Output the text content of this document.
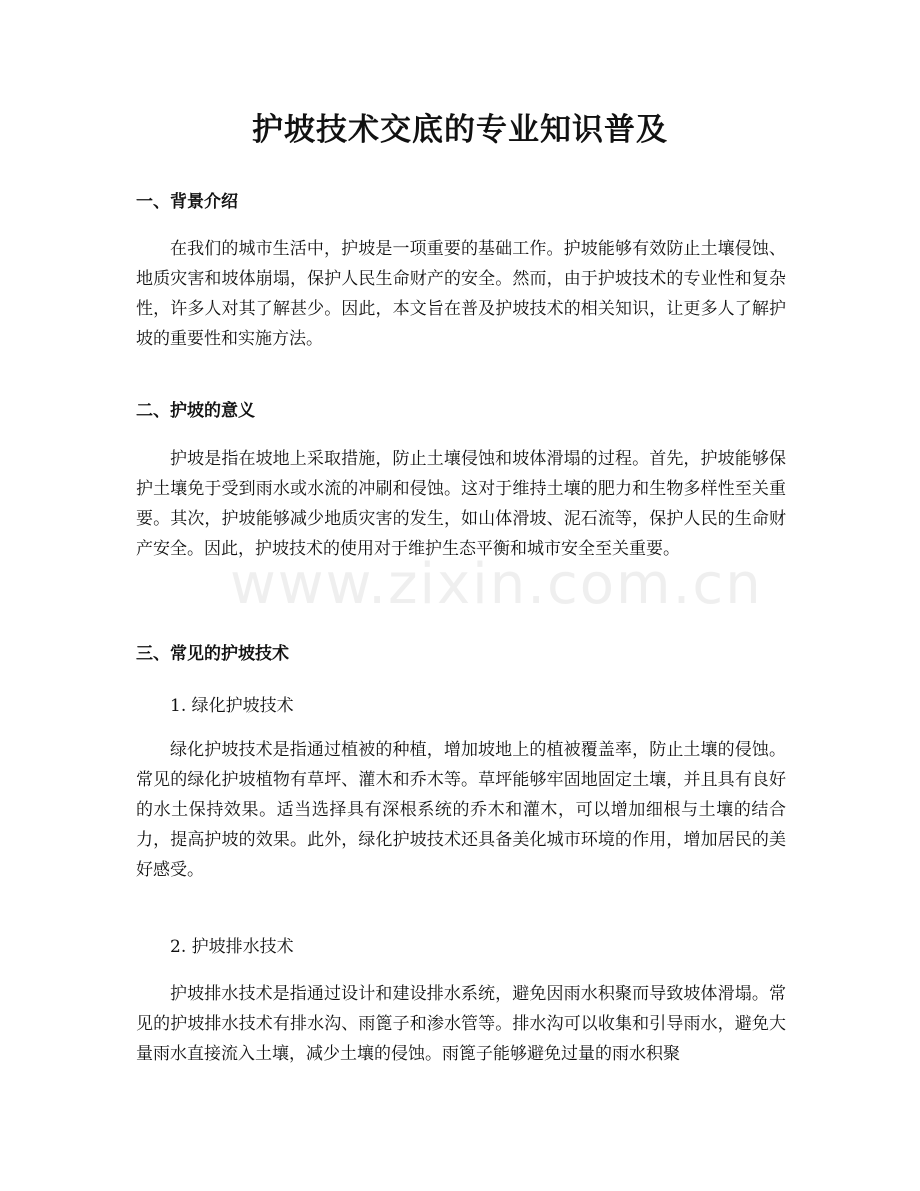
护坡技术交底的专业知识普及
一、背景介绍

在我们的城市生活中，护坡是一项重要的基础工作。护坡能够有效防止土壤侵蚀、地质灾害和坡体崩塌，保护人民生命财产的安全。然而，由于护坡技术的专业性和复杂性，许多人对其了解甚少。因此，本文旨在普及护坡技术的相关知识，让更多人了解护坡的重要性和实施方法。

二、护坡的意义

护坡是指在坡地上采取措施，防止土壤侵蚀和坡体滑塌的过程。首先，护坡能够保护土壤免于受到雨水或水流的冲刷和侵蚀。这对于维持土壤的肥力和生物多样性至关重要。其次，护坡能够减少地质灾害的发生，如山体滑坡、泥石流等，保护人民的生命财产安全。因此，护坡技术的使用对于维护生态平衡和城市安全至关重要。

三、常见的护坡技术
1. 绿化护坡技术

绿化护坡技术是指通过植被的种植，增加坡地上的植被覆盖率，防止土壤的侵蚀。常见的绿化护坡植物有草坪、灌木和乔木等。草坪能够牢固地固定土壤，并且具有良好的水土保持效果。适当选择具有深根系统的乔木和灌木，可以增加细根与土壤的结合力，提高护坡的效果。此外，绿化护坡技术还具备美化城市环境的作用，增加居民的美好感受。

2. 护坡排水技术

护坡排水技术是指通过设计和建设排水系统，避免因雨水积聚而导致坡体滑塌。常见的护坡排水技术有排水沟、雨篦子和渗水管等。排水沟可以收集和引导雨水，避免大量雨水直接流入土壤，减少土壤的侵蚀。雨篦子能够避免过量的雨水积聚

www.zixin.com.cn
